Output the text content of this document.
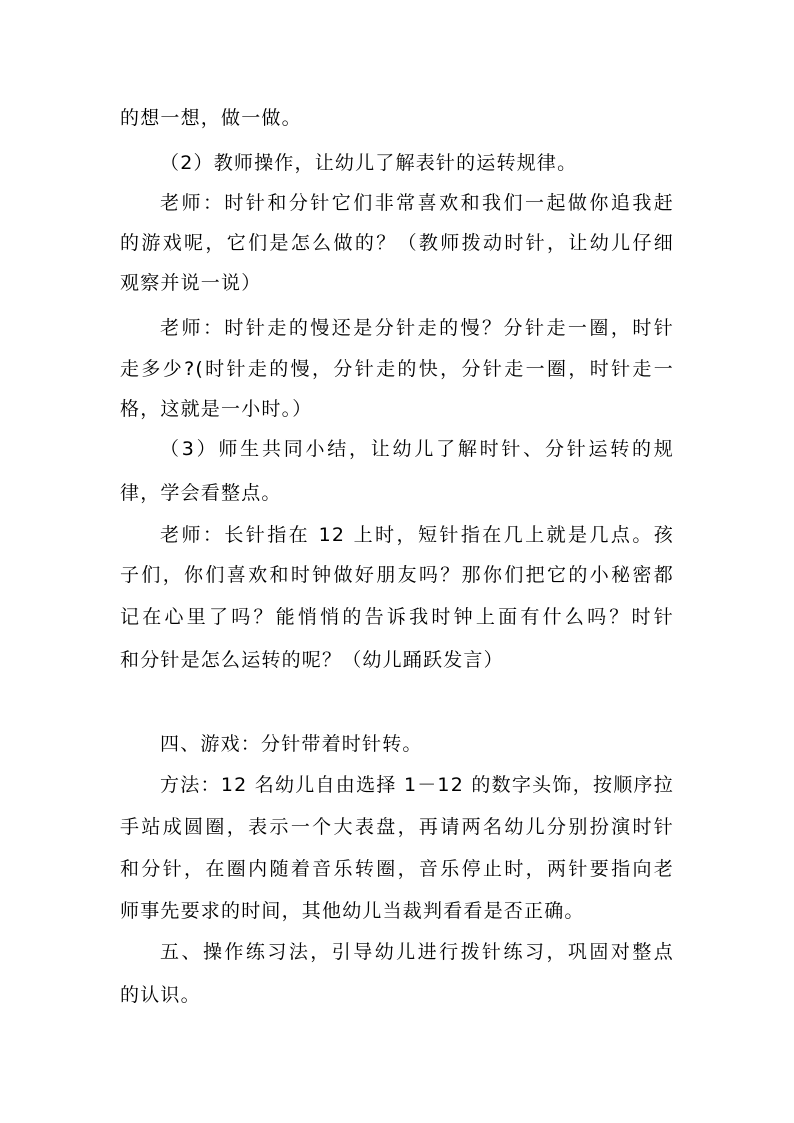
的想一想，做一做。
（2）教师操作，让幼儿了解表针的运转规律。
老师：时针和分针它们非常喜欢和我们一起做你追我赶
的游戏呢，它们是怎么做的？（教师拨动时针，让幼儿仔细
观察并说一说）
老师：时针走的慢还是分针走的慢？分针走一圈，时针
走多少?(时针走的慢，分针走的快，分针走一圈，时针走一
格，这就是一小时。）
（3）师生共同小结，让幼儿了解时针、分针运转的规
律，学会看整点。
老师：长针指在 12 上时，短针指在几上就是几点。孩
子们，你们喜欢和时钟做好朋友吗？那你们把它的小秘密都
记在心里了吗？能悄悄的告诉我时钟上面有什么吗？时针
和分针是怎么运转的呢？（幼儿踊跃发言）
四、游戏：分针带着时针转。
方法：12 名幼儿自由选择 1－12 的数字头饰，按顺序拉
手站成圆圈，表示一个大表盘，再请两名幼儿分别扮演时针
和分针，在圈内随着音乐转圈，音乐停止时，两针要指向老
师事先要求的时间，其他幼儿当裁判看看是否正确。
五、操作练习法，引导幼儿进行拨针练习，巩固对整点
的认识。
